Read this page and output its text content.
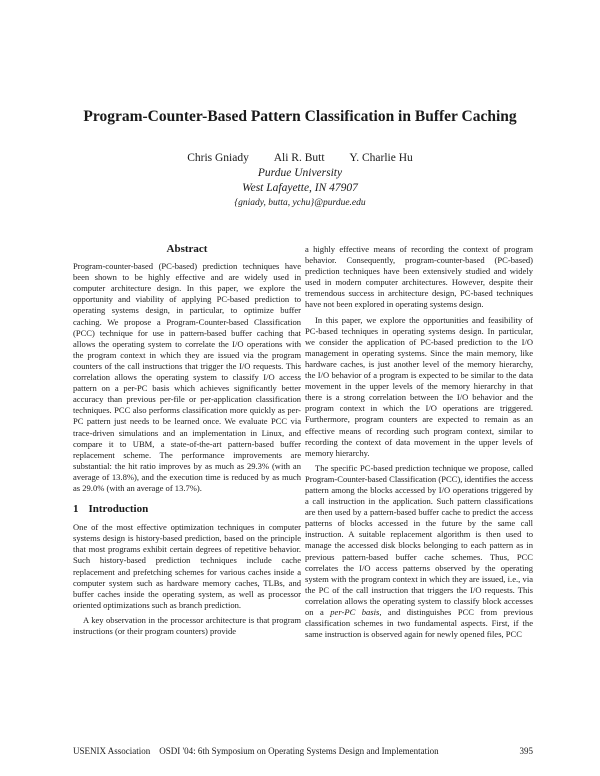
Program-Counter-Based Pattern Classification in Buffer Caching
Chris Gniady Ali R. Butt Y. Charlie Hu
Purdue University
West Lafayette, IN 47907
{gniady, butta, ychu}@purdue.edu
Abstract

Program-counter-based (PC-based) prediction techniques have been shown to be highly effective and are widely used in computer architecture design. In this paper, we explore the opportunity and viability of applying PC-based prediction to operating systems design, in particular, to optimize buffer caching. We propose a Program-Counter-based Classification (PCC) technique for use in pattern-based buffer caching that allows the operating system to correlate the I/O operations with the program context in which they are issued via the program counters of the call instructions that trigger the I/O requests. This correlation allows the operating system to classify I/O access pattern on a per-PC basis which achieves significantly better accuracy than previous per-file or per-application classification techniques. PCC also performs classification more quickly as per-PC pattern just needs to be learned once. We evaluate PCC via trace-driven simulations and an implementation in Linux, and compare it to UBM, a state-of-the-art pattern-based buffer replacement scheme. The performance improvements are substantial: the hit ratio improves by as much as 29.3% (with an average of 13.8%), and the execution time is reduced by as much as 29.0% (with an average of 13.7%).

1 Introduction

One of the most effective optimization techniques in computer systems design is history-based prediction, based on the principle that most programs exhibit certain degrees of repetitive behavior. Such history-based prediction techniques include cache replacement and prefetching schemes for various caches inside a computer system such as hardware memory caches, TLBs, and buffer caches inside the operating system, as well as processor oriented optimizations such as branch prediction.

A key observation in the processor architecture is that program instructions (or their program counters) provide

a highly effective means of recording the context of program behavior. Consequently, program-counter-based (PC-based) prediction techniques have been extensively studied and widely used in modern computer architectures. However, despite their tremendous success in architecture design, PC-based techniques have not been explored in operating systems design.

In this paper, we explore the opportunities and feasibility of PC-based techniques in operating systems design. In particular, we consider the application of PC-based prediction to the I/O management in operating systems. Since the main memory, like hardware caches, is just another level of the memory hierarchy, the I/O behavior of a program is expected to be similar to the data movement in the upper levels of the memory hierarchy in that there is a strong correlation between the I/O behavior and the program context in which the I/O operations are triggered. Furthermore, program counters are expected to remain as an effective means of recording such program context, similar to recording the context of data movement in the upper levels of memory hierarchy.

The specific PC-based prediction technique we propose, called Program-Counter-based Classification (PCC), identifies the access pattern among the blocks accessed by I/O operations triggered by a call instruction in the application. Such pattern classifications are then used by a pattern-based buffer cache to predict the access patterns of blocks accessed in the future by the same call instruction. A suitable replacement algorithm is then used to manage the accessed disk blocks belonging to each pattern as in previous pattern-based buffer cache schemes. Thus, PCC correlates the I/O access patterns observed by the operating system with the program context in which they are issued, i.e., via the PC of the call instruction that triggers the I/O requests. This correlation allows the operating system to classify block accesses on a per-PC basis, and distinguishes PCC from previous classification schemes in two fundamental aspects. First, if the same instruction is observed again for newly opened files, PCC

USENIX Association OSDI '04: 6th Symposium on Operating Systems Design and Implementation	395
